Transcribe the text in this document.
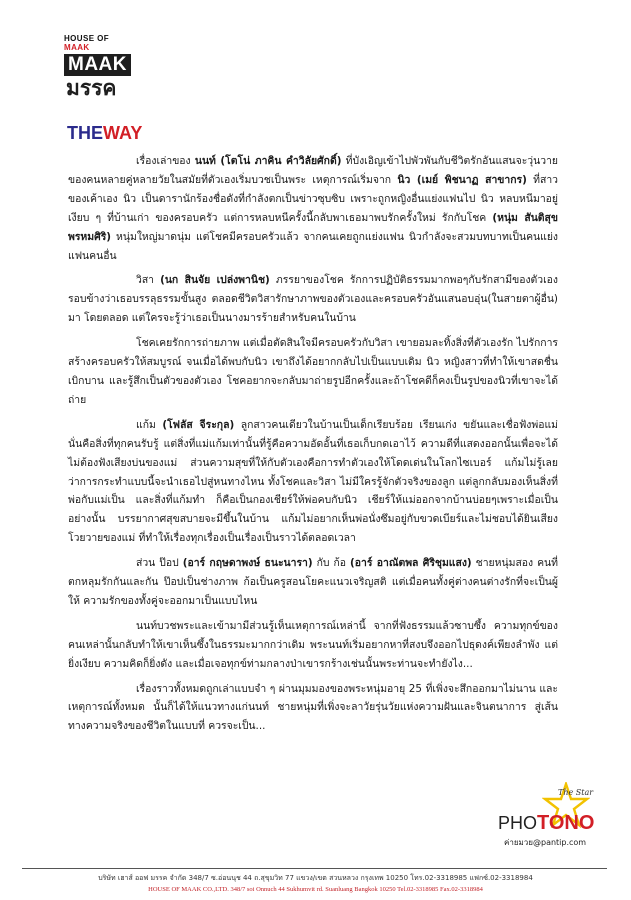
HOUSE OF MAAK
MAAK
มรรค
THEWAY

เรื่องเล่าของ นนท์ (โตโน่ ภาคิน คำวิลัยศักดิ์) ที่บังเอิญเข้าไปพัวพันกับชีวิตรักอันแสนจะวุ่นวายของคนหลายคู่หลายวัยในสมัยที่ตัวเองเริ่มบวชเป็นพระ เหตุการณ์เริ่มจาก นิว (เมย์ พิชนาฏ สาขากร) ที่สาวของเค้าเอง นิว เป็นดารานักร้องชื่อดังที่กำลังตกเป็นข่าวซุบซิบ เพราะถูกหญิงอื่นแย่งแฟนไป นิว หลบหนีมาอยู่เงียบ ๆ ที่บ้านเก่า ของครอบครัว แต่การหลบหนีครั้งนี้กลับพาเธอมาพบรักครั้งใหม่ รักกับโชค (หนุ่ม สันติสุข พรหมศิริ) หนุ่มใหญ่มาดนุ่ม แต่โชคมีครอบครัวแล้ว จากคนเคยถูกแย่งแฟน นิวกำลังจะสวมบทบาทเป็นคนแย่งแฟนคนอื่น

วิสา (นก สินจัย เปล่งพานิช) ภรรยาของโชค รักการปฏิบัติธรรมมากพอๆกับรักสามีของตัวเอง รอบข้างว่าเธอบรรลุธรรมขั้นสูง ตลอดชีวิตวิสารักษาภาพของตัวเองและครอบครัวอันแสนอบอุ่น(ในสายตาผู้อื่น) มา โดยตลอด แต่ใครจะรู้ว่าเธอเป็นนางมารร้ายสำหรับคนในบ้าน

โชคเคยรักการถ่ายภาพ แต่เมื่อตัดสินใจมีครอบครัวกับวิสา เขายอมละทิ้งสิ่งที่ตัวเองรัก ไปรักการสร้างครอบครัวให้สมบูรณ์ จนเมื่อได้พบกับนิว เขาถึงได้อยากกลับไปเป็นแบบเดิม นิว หญิงสาวที่ทำให้เขาสดชื่นเบิกบาน และรู้สึกเป็นตัวของตัวเอง โชคอยากจะกลับมาถ่ายรูปอีกครั้งและถ้าโชคดีก็คงเป็นรูปของนิวที่เขาจะได้ถ่าย

แก้ม (โฟลัส จีระกุล) ลูกสาวคนเดียวในบ้านเป็นเด็กเรียบร้อย เรียนเก่ง ขยันและเชื่อฟังพ่อแม่ นั่นคือสิ่งที่ทุกคนรับรู้ แต่สิ่งที่แม่แก้มเท่านั้นที่รู้คือความอัดอั้นที่เธอเก็บกดเอาไว้ ความดีที่แสดงออกนั้นเพื่อจะได้ไม่ต้องฟังเสียงบ่นของแม่ ส่วนความสุขที่ให้กับตัวเองคือการทำตัวเองให้โดดเด่นในโลกไซเบอร์ แก้มไม่รู้เลยว่าการกระทำแบบนี้จะนำเธอไปสู่หนทางไหน ทั้งโชคและวิสา ไม่มีใครรู้จักตัวจริงของลูก แต่ลูกกลับมองเห็นสิ่งที่พ่อกับแม่เป็น และสิ่งที่แก้มทำ ก็คือเป็นกองเชียร์ให้พ่อคบกับนิว เชียร์ให้แม่ออกจากบ้านบ่อยๆเพราะเมื่อเป็นอย่างนั้น บรรยากาศสุขสบายจะมีขึ้นในบ้าน แก้มไม่อยากเห็นพ่อนั่งซึมอยู่กับขวดเบียร์และไม่ชอบได้ยินเสียงโวยวายของแม่ ที่ทำให้เรื่องทุกเรื่องเป็นเรื่องเป็นราวได้ตลอดเวลา

ส่วน ป๊อป (อาร์ กฤษดาพงษ์ ธนะนารา) กับ ก้อ (อาร์ อาณัตพล ศิริชุมแสง) ชายหนุ่มสอง คนที่ตกหลุมรักกันและกัน ป๊อปเป็นช่างภาพ ก้อเป็นครูสอนโยคะแนวเจริญสติ แต่เมื่อคนทั้งคู่ต่างคนต่างรักที่จะเป็นผู้ให้ ความรักของทั้งคู่จะออกมาเป็นแบบไหน

นนท์บวชพระและเข้ามามีส่วนรู้เห็นเหตุการณ์เหล่านี้ จากที่ฟังธรรมแล้วซาบซึ้ง ความทุกข์ของคนเหล่านั้นกลับทำให้เขาเห็นซึ้งในธรรมะมากกว่าเดิม พระนนท์เริ่มอยากหาที่สงบจึงออกไปธุดงค์เพียงลำพัง แต่ยิ่งเงียบ ความคิดก็ยิ่งดัง และเมื่อเจอทุกข์ท่ามกลางป่าเขารกร้างเช่นนั้นพระท่านจะทำยังไง...

เรื่องราวทั้งหมดถูกเล่าแบบจำ ๆ ผ่านมุมมองของพระหนุ่มอายุ 25 ที่เพิ่งจะสึกออกมาไม่นาน และเหตุการณ์ทั้งหมด นั้นก็ได้ให้แนวทางแก่นนท์ ชายหนุ่มที่เพิ่งจะลาวัยรุ่นวัยแห่งความฝันและจินตนาการ สู่เส้นทางความจริงของชีวิตในแบบที่ ควรจะเป็น...

The Star
PHOTONO
ค่ายมวย@pantip.com
บริษัท เฮาส์ ออฟ มรรค จำกัด 348/7 ซ.อ่อนนุช 44 ถ.สุขุมวิท 77 แขวง/เขต สวนหลวง กรุงเทพ 10250 โทร.02-3318985 แฟกซ์.02-3318984
HOUSE OF MAAK CO.,LTD. 348/7 soi Onnuch 44 Sukhumvit rd. Suanluang Bangkok 10250 Tel.02-3318985 Fax.02-3318984
